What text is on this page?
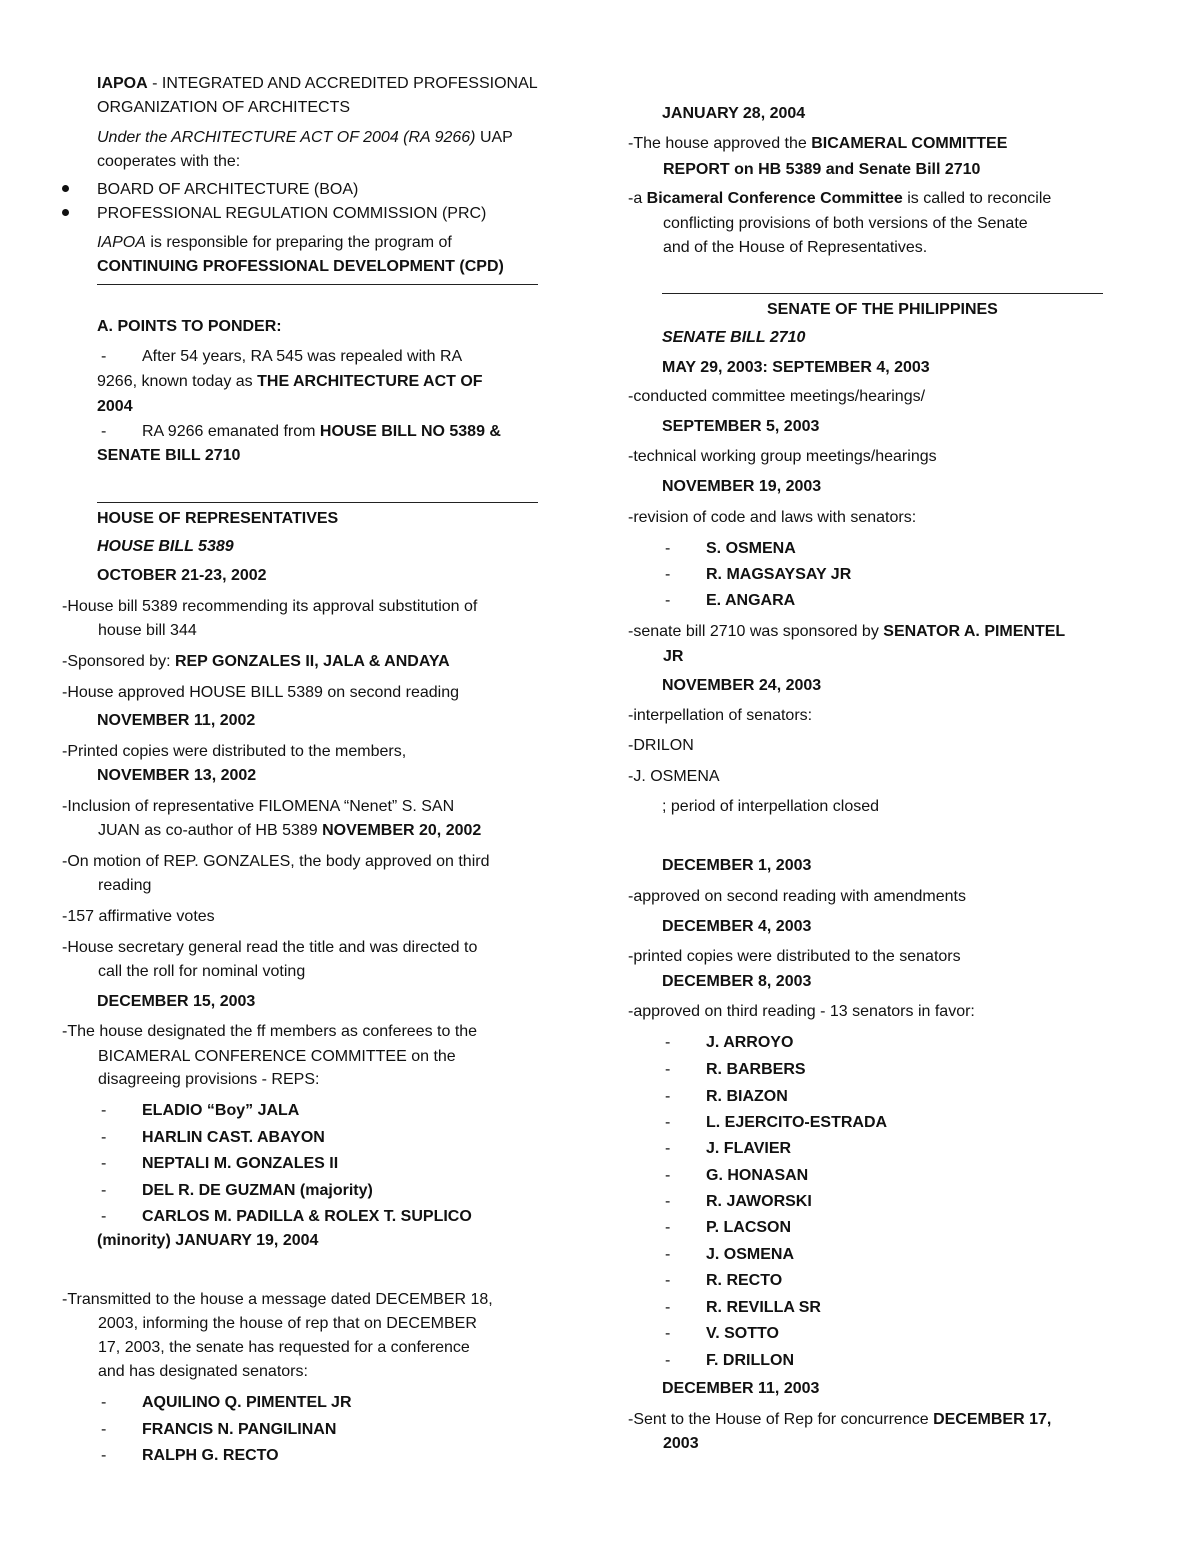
IAPOA - INTEGRATED AND ACCREDITED PROFESSIONAL
ORGANIZATION OF ARCHITECTS
Under the ARCHITECTURE ACT OF 2004 (RA 9266) UAP
cooperates with the:
BOARD OF ARCHITECTURE (BOA)
PROFESSIONAL REGULATION COMMISSION (PRC)
IAPOA is responsible for preparing the program of
CONTINUING PROFESSIONAL DEVELOPMENT (CPD)
A. POINTS TO PONDER:
- After 54 years, RA 545 was repealed with RA
9266, known today as THE ARCHITECTURE ACT OF
2004
- RA 9266 emanated from HOUSE BILL NO 5389 &
SENATE BILL 2710
HOUSE OF REPRESENTATIVES
HOUSE BILL 5389
OCTOBER 21-23, 2002
-House bill 5389 recommending its approval substitution of
house bill 344
-Sponsored by: REP GONZALES II, JALA & ANDAYA
-House approved HOUSE BILL 5389 on second reading
NOVEMBER 11, 2002
-Printed copies were distributed to the members,
NOVEMBER 13, 2002
-Inclusion of representative FILOMENA “Nenet” S. SAN
JUAN as co-author of HB 5389 NOVEMBER 20, 2002
-On motion of REP. GONZALES, the body approved on third
reading
-157 affirmative votes
-House secretary general read the title and was directed to
call the roll for nominal voting
DECEMBER 15, 2003
-The house designated the ff members as conferees to the
BICAMERAL CONFERENCE COMMITTEE on the
disagreeing provisions - REPS:
- ELADIO “Boy” JALA
- HARLIN CAST. ABAYON
- NEPTALI M. GONZALES II
- DEL R. DE GUZMAN (majority)
- CARLOS M. PADILLA & ROLEX T. SUPLICO
(minority) JANUARY 19, 2004
-Transmitted to the house a message dated DECEMBER 18,
2003, informing the house of rep that on DECEMBER
17, 2003, the senate has requested for a conference
and has designated senators:
- AQUILINO Q. PIMENTEL JR
- FRANCIS N. PANGILINAN
- RALPH G. RECTO
JANUARY 28, 2004
-The house approved the BICAMERAL COMMITTEE
REPORT on HB 5389 and Senate Bill 2710
-a Bicameral Conference Committee is called to reconcile
conflicting provisions of both versions of the Senate
and of the House of Representatives.
SENATE OF THE PHILIPPINES
SENATE BILL 2710
MAY 29, 2003: SEPTEMBER 4, 2003
-conducted committee meetings/hearings/
SEPTEMBER 5, 2003
-technical working group meetings/hearings
NOVEMBER 19, 2003
-revision of code and laws with senators:
- S. OSMENA
- R. MAGSAYSAY JR
- E. ANGARA
-senate bill 2710 was sponsored by SENATOR A. PIMENTEL
JR
NOVEMBER 24, 2003
-interpellation of senators:
-DRILON
-J. OSMENA
; period of interpellation closed
DECEMBER 1, 2003
-approved on second reading with amendments
DECEMBER 4, 2003
-printed copies were distributed to the senators
DECEMBER 8, 2003
-approved on third reading - 13 senators in favor:
- J. ARROYO
- R. BARBERS
- R. BIAZON
- L. EJERCITO-ESTRADA
- J. FLAVIER
- G. HONASAN
- R. JAWORSKI
- P. LACSON
- J. OSMENA
- R. RECTO
- R. REVILLA SR
- V. SOTTO
- F. DRILLON
DECEMBER 11, 2003
-Sent to the House of Rep for concurrence DECEMBER 17,
2003
